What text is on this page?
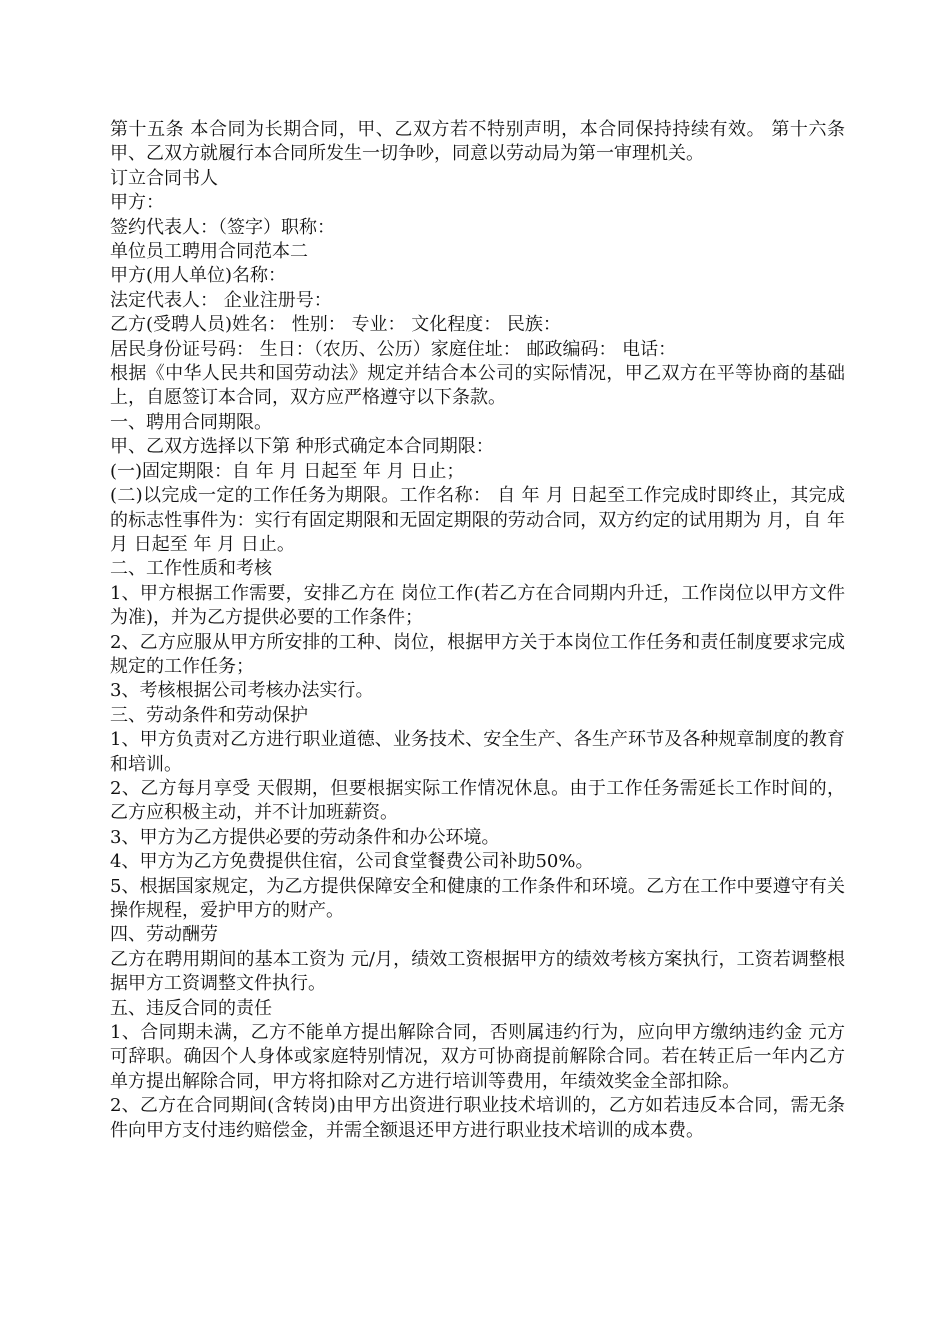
第十五条 本合同为长期合同，甲、乙双方若不特别声明，本合同保持持续有效。 第十六条 甲、乙双方就履行本合同所发生一切争吵，同意以劳动局为第一审理机关。

订立合同书人

甲方：

签约代表人：（签字）职称：

单位员工聘用合同范本二

甲方(用人单位)名称：

法定代表人： 企业注册号：

乙方(受聘人员)姓名： 性别： 专业： 文化程度： 民族：

居民身份证号码： 生日：（农历、公历）家庭住址： 邮政编码： 电话：

根据《中华人民共和国劳动法》规定并结合本公司的实际情况，甲乙双方在平等协商的基础上，自愿签订本合同，双方应严格遵守以下条款。

一、聘用合同期限。

甲、乙双方选择以下第 种形式确定本合同期限：

(一)固定期限：自 年 月 日起至 年 月 日止；

(二)以完成一定的工作任务为期限。工作名称： 自 年 月 日起至工作完成时即终止，其完成的标志性事件为：实行有固定期限和无固定期限的劳动合同，双方约定的试用期为 月，自 年 月 日起至 年 月 日止。

二、工作性质和考核

1、甲方根据工作需要，安排乙方在 岗位工作(若乙方在合同期内升迁，工作岗位以甲方文件为准)，并为乙方提供必要的工作条件；

2、乙方应服从甲方所安排的工种、岗位，根据甲方关于本岗位工作任务和责任制度要求完成规定的工作任务；

3、考核根据公司考核办法实行。

三、劳动条件和劳动保护

1、甲方负责对乙方进行职业道德、业务技术、安全生产、各生产环节及各种规章制度的教育和培训。

2、乙方每月享受 天假期，但要根据实际工作情况休息。由于工作任务需延长工作时间的，乙方应积极主动，并不计加班薪资。

3、甲方为乙方提供必要的劳动条件和办公环境。

4、甲方为乙方免费提供住宿，公司食堂餐费公司补助50%。

5、根据国家规定，为乙方提供保障安全和健康的工作条件和环境。乙方在工作中要遵守有关操作规程，爱护甲方的财产。

四、劳动酬劳

乙方在聘用期间的基本工资为 元/月，绩效工资根据甲方的绩效考核方案执行，工资若调整根据甲方工资调整文件执行。

五、违反合同的责任

1、合同期未满，乙方不能单方提出解除合同，否则属违约行为，应向甲方缴纳违约金 元方可辞职。确因个人身体或家庭特别情况，双方可协商提前解除合同。若在转正后一年内乙方单方提出解除合同，甲方将扣除对乙方进行培训等费用，年绩效奖金全部扣除。

2、乙方在合同期间(含转岗)由甲方出资进行职业技术培训的，乙方如若违反本合同，需无条件向甲方支付违约赔偿金，并需全额退还甲方进行职业技术培训的成本费。
